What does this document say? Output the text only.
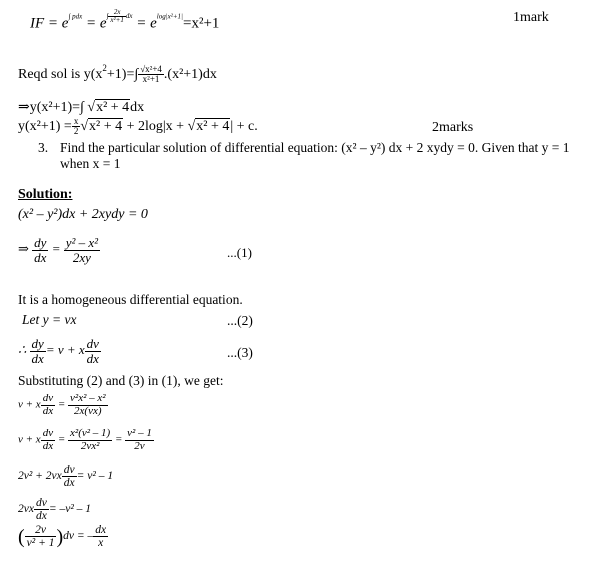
IF = $e^{\int pdx} = e^{\int \frac{2x}{\text{x²+1}} dx} = e^{log|x^2+1|}=x^2+1$	1mark
Reqd sol is $y(x^2+1)=\int \frac{\text{√x²+4}}{\text{x²+1}} .(x^2+1)dx$
⇒y(x²+1)=∫ √x² + 4dx
$y(x^2+1) = \frac{x}{2} √x^2 + 4 + 2\log|x + √x^2 + 4| + c$.	2marks
3. Find the particular solution of differential equation: (x² – y²) dx + 2 xydy = 0. Given that y = 1
when x = 1
Solution:
(x² – y²)dx + 2xydy = 0
⇒ $\frac{dy}{dx} = \frac{\text{y² – x²}}{2xy}$	...(1)
It is a homogeneous differential equation.
Let y = vx	...(2)
∴ $\frac{dy}{dx} = v + x \frac{dv}{dx}$	...(3)
Substituting (2) and (3) in (1), we get:
v + x $\frac{dv}{dx} = \frac{\text{v²x² – x²}}{2x(vx)}$
v + x $\frac{dv}{dx} = \frac{\text{x²(v² – 1)}}{\text{2vx²}} = \frac{\text{v² – 1}}{2v}$
$2v^2 + 2vx \frac{dv}{dx} = v^2 - 1$
$2vx \frac{dv}{dx} = -v^2 - 1$
( $\frac{2v}{\text{v² + 1}} )dv$ = – $\frac{dx}{x}$
